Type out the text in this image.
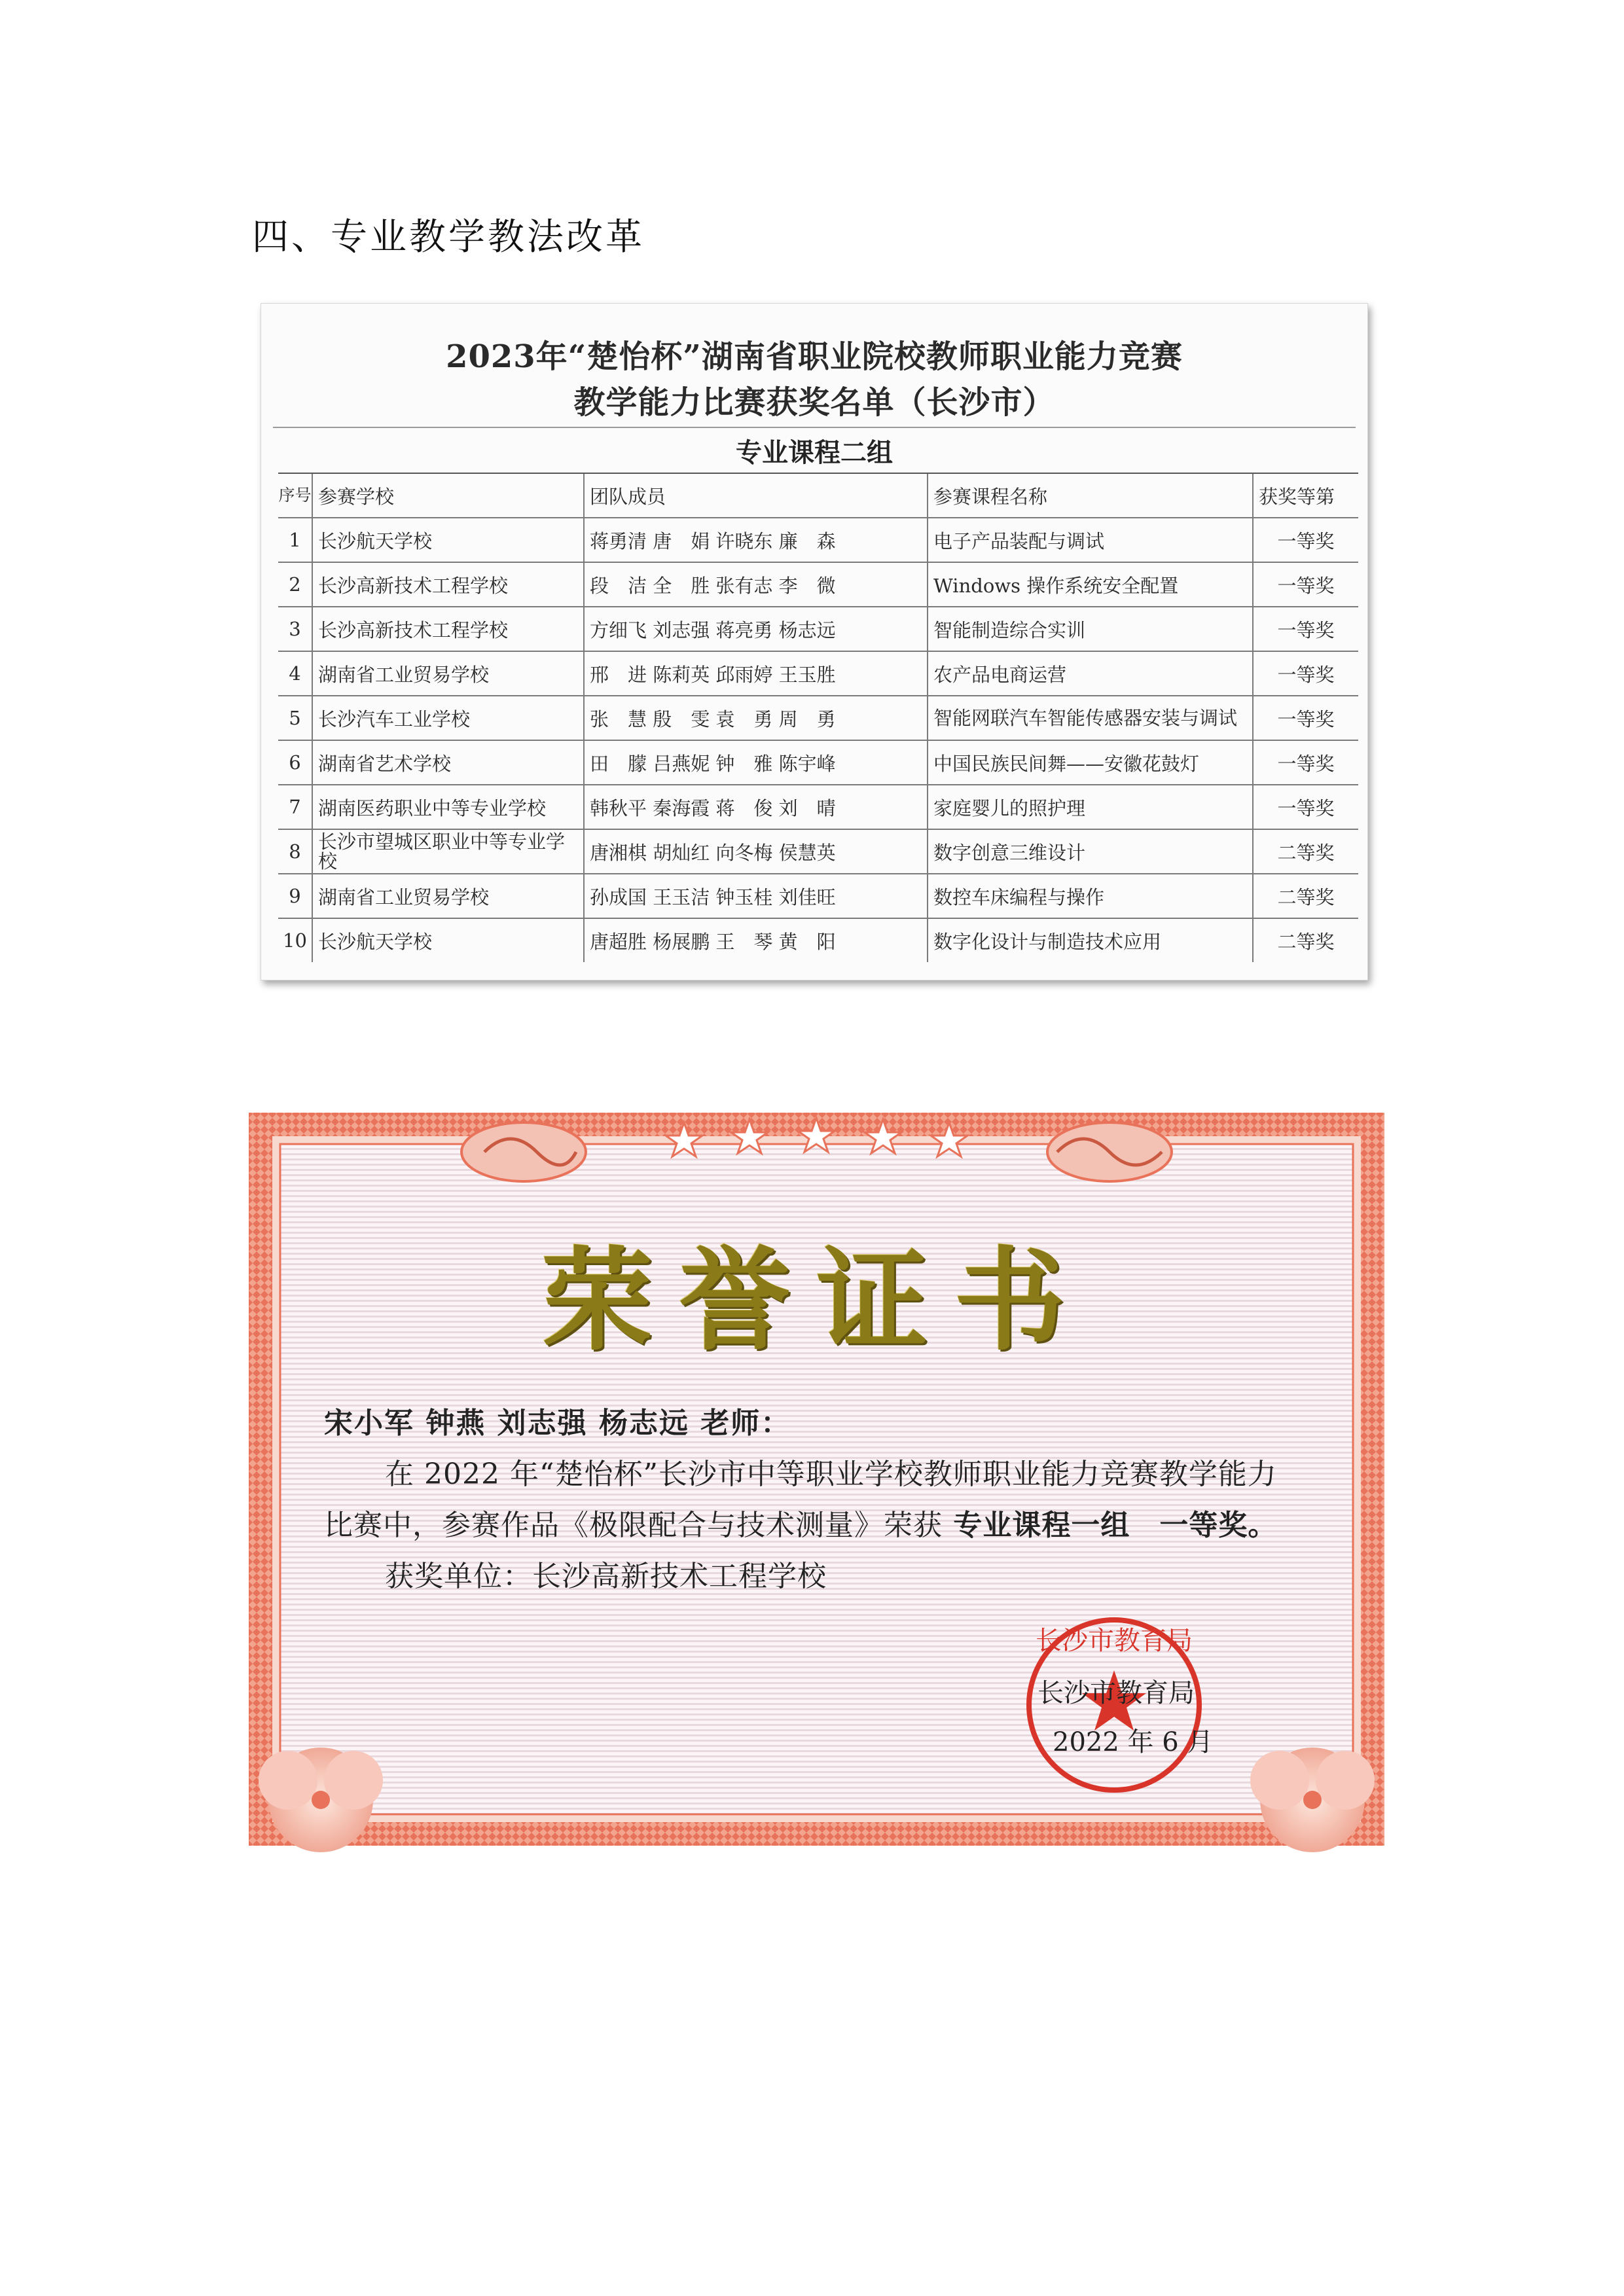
四、专业教学教法改革
2023年“楚怡杯”湖南省职业院校教师职业能力竞赛
教学能力比赛获奖名单（长沙市）
专业课程二组
序号	参赛学校	团队成员	参赛课程名称	获奖等第
1	长沙航天学校	蒋勇清 唐　娟 许晓东 廉　森	电子产品装配与调试	一等奖
2	长沙高新技术工程学校	段　洁 全　胜 张有志 李　微	Windows 操作系统安全配置	一等奖
3	长沙高新技术工程学校	方细飞 刘志强 蒋亮勇 杨志远	智能制造综合实训	一等奖
4	湖南省工业贸易学校	邢　进 陈莉英 邱雨婷 王玉胜	农产品电商运营	一等奖
5	长沙汽车工业学校	张　慧 殷　雯 袁　勇 周　勇	智能网联汽车智能传感器安装与调试	一等奖
6	湖南省艺术学校	田　朦 吕燕妮 钟　雅 陈宇峰	中国民族民间舞——安徽花鼓灯	一等奖
7	湖南医药职业中等专业学校	韩秋平 秦海霞 蒋　俊 刘　晴	家庭婴儿的照护理	一等奖
8	长沙市望城区职业中等专业学校	唐湘棋 胡灿红 向冬梅 侯慧英	数字创意三维设计	二等奖
9	湖南省工业贸易学校	孙成国 王玉洁 钟玉桂 刘佳旺	数控车床编程与操作	二等奖
10	长沙航天学校	唐超胜 杨展鹏 王　琴 黄　阳	数字化设计与制造技术应用	二等奖
长沙市教育局
荣誉证书
宋小军 钟燕 刘志强 杨志远 老师：
在 2022 年“楚怡杯”长沙市中等职业学校教师职业能力竞赛教学能力
比赛中，参赛作品《极限配合与技术测量》荣获 专业课程一组　一等奖。
获奖单位：长沙高新技术工程学校
长沙市教育局
2022 年 6 月
